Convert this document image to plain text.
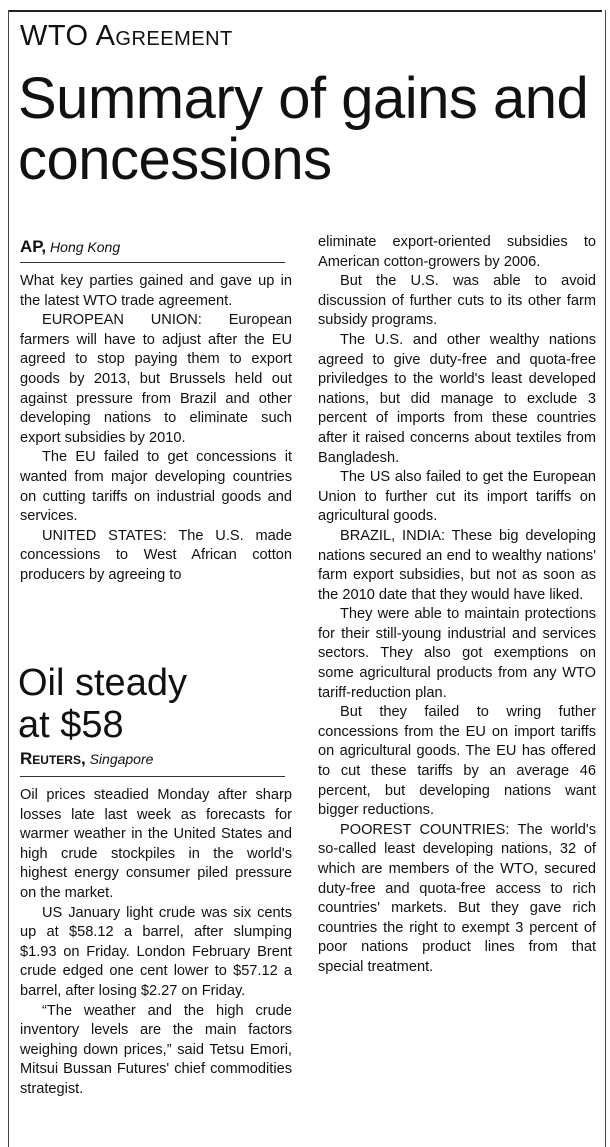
WTO Agreement
Summary of gains and concessions
AP, Hong Kong

What key parties gained and gave up in the latest WTO trade agreement.

EUROPEAN UNION: European farmers will have to adjust after the EU agreed to stop paying them to export goods by 2013, but Brussels held out against pressure from Brazil and other developing nations to eliminate such export subsidies by 2010.

The EU failed to get concessions it wanted from major developing countries on cutting tariffs on industrial goods and services.

UNITED STATES: The U.S. made concessions to West African cotton producers by agreeing to

eliminate export-oriented subsidies to American cotton-growers by 2006.

But the U.S. was able to avoid discussion of further cuts to its other farm subsidy programs.

The U.S. and other wealthy nations agreed to give duty-free and quota-free priviledges to the world's least developed nations, but did manage to exclude 3 percent of imports from these countries after it raised concerns about textiles from Bangladesh.

The US also failed to get the European Union to further cut its import tariffs on agricultural goods.

BRAZIL, INDIA: These big developing nations secured an end to wealthy nations' farm export subsidies, but not as soon as the 2010 date that they would have liked.

They were able to maintain protections for their still-young industrial and services sectors. They also got exemptions on some agricultural products from any WTO tariff-reduction plan.

But they failed to wring futher concessions from the EU on import tariffs on agricultural goods. The EU has offered to cut these tariffs by an average 46 percent, but developing nations want bigger reductions.

POOREST COUNTRIES: The world's so-called least developing nations, 32 of which are members of the WTO, secured duty-free and quota-free access to rich countries' markets. But they gave rich countries the right to exempt 3 percent of poor nations product lines from that special treatment.

Oil steady at $58
Reuters, Singapore

Oil prices steadied Monday after sharp losses late last week as forecasts for warmer weather in the United States and high crude stockpiles in the world's highest energy consumer piled pressure on the market.

US January light crude was six cents up at $58.12 a barrel, after slumping $1.93 on Friday. London February Brent crude edged one cent lower to $57.12 a barrel, after losing $2.27 on Friday.

“The weather and the high crude inventory levels are the main factors weighing down prices,” said Tetsu Emori, Mitsui Bussan Futures' chief commodities strategist.
